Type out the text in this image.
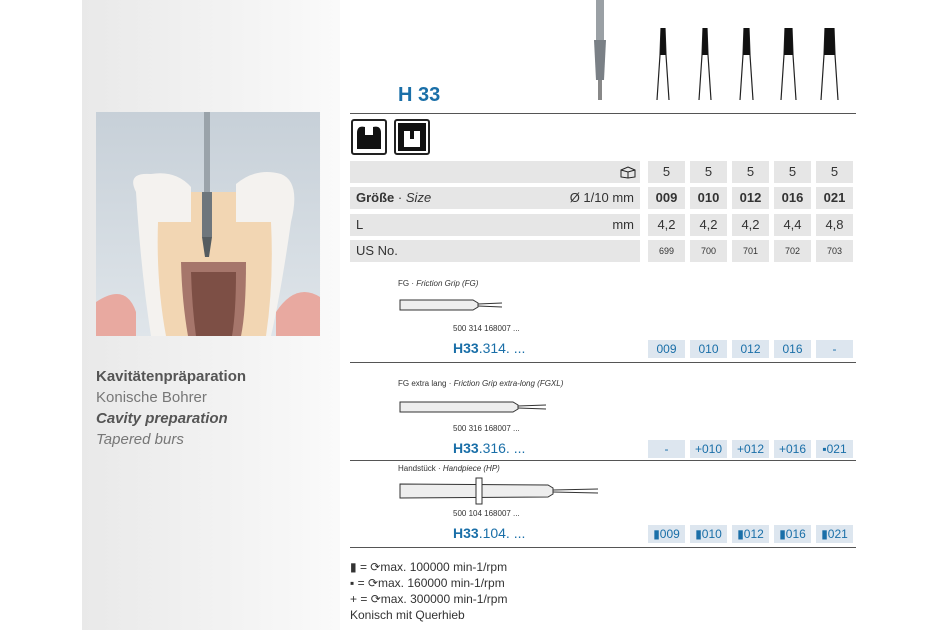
Kavitätenpräparation
Konische Bohrer
Cavity preparation
Tapered burs
H 33
5	5	5	5	5
Größe · Size	Ø 1/10 mm	009	010	012	016	021
L	mm	4,2	4,2	4,2	4,4	4,8
US No.	699	700	701	702	703
FG · Friction Grip (FG)
500 314 168007 ...
H33.314. ...	009	010	012	016	-
FG extra lang · Friction Grip extra-long (FGXL)
500 316 168007 ...
H33.316. ...	-	+010	+012	+016	▪021
Handstück · Handpiece (HP)
500 104 168007 ...
H33.104. ...	▮009	▮010	▮012	▮016	▮021
▮ = ⟳max. 100000 min-1/rpm
▪ = ⟳max. 160000 min-1/rpm
+ = ⟳max. 300000 min-1/rpm
Konisch mit Querhieb
